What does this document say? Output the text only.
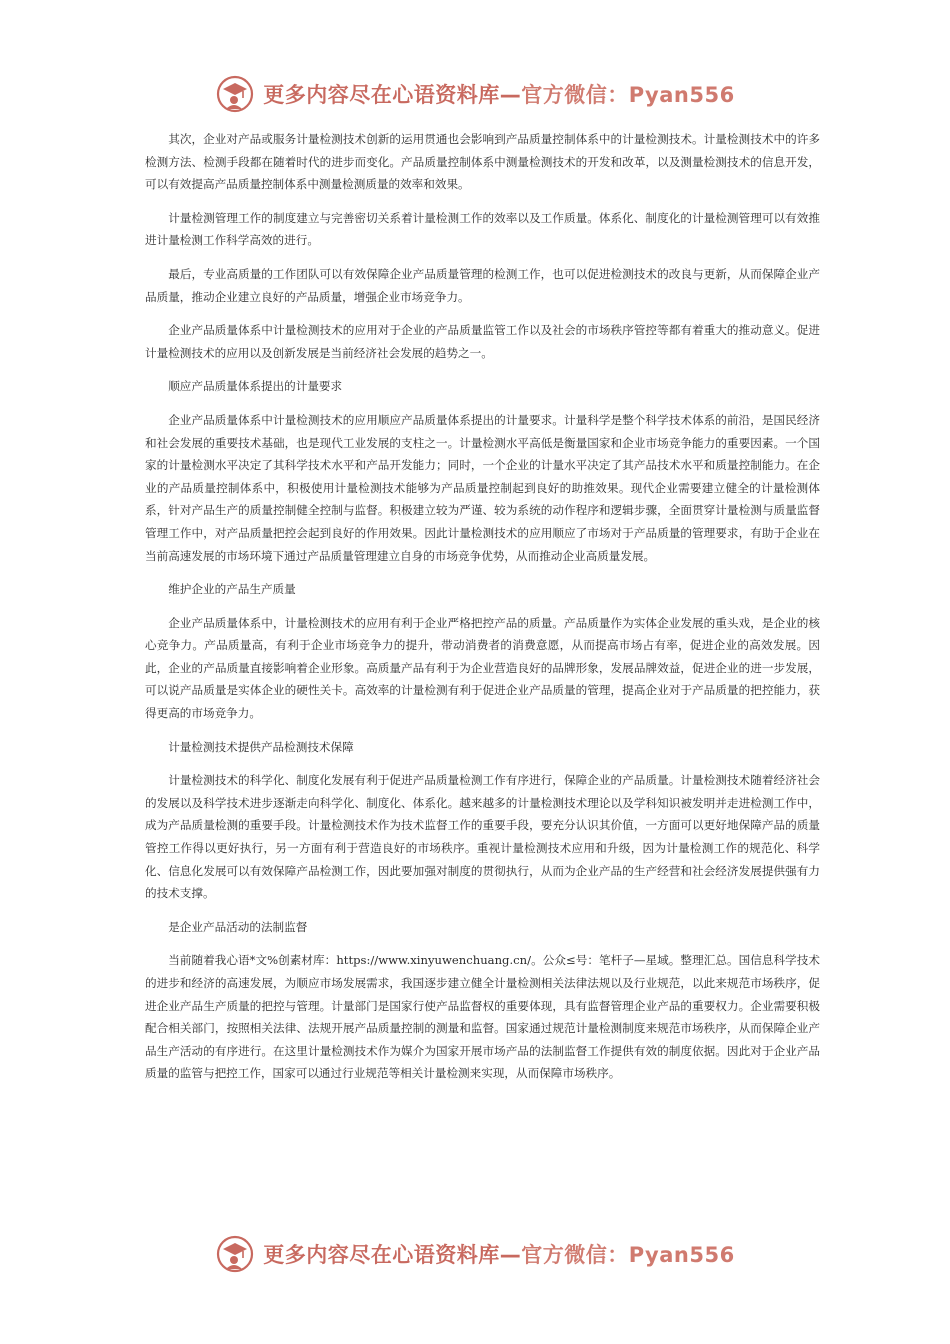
更多内容尽在心语资料库—官方微信：Pyan556

其次，企业对产品或服务计量检测技术创新的运用贯通也会影响到产品质量控制体系中的计量检测技术。计量检测技术中的许多检测方法、检测手段都在随着时代的进步而变化。产品质量控制体系中测量检测技术的开发和改革，以及测量检测技术的信息开发，可以有效提高产品质量控制体系中测量检测质量的效率和效果。

计量检测管理工作的制度建立与完善密切关系着计量检测工作的效率以及工作质量。体系化、制度化的计量检测管理可以有效推进计量检测工作科学高效的进行。

最后，专业高质量的工作团队可以有效保障企业产品质量管理的检测工作，也可以促进检测技术的改良与更新，从而保障企业产品质量，推动企业建立良好的产品质量，增强企业市场竞争力。

企业产品质量体系中计量检测技术的应用对于企业的产品质量监管工作以及社会的市场秩序管控等都有着重大的推动意义。促进计量检测技术的应用以及创新发展是当前经济社会发展的趋势之一。

顺应产品质量体系提出的计量要求

企业产品质量体系中计量检测技术的应用顺应产品质量体系提出的计量要求。计量科学是整个科学技术体系的前沿，是国民经济和社会发展的重要技术基础，也是现代工业发展的支柱之一。计量检测水平高低是衡量国家和企业市场竞争能力的重要因素。一个国家的计量检测水平决定了其科学技术水平和产品开发能力；同时，一个企业的计量水平决定了其产品技术水平和质量控制能力。在企业的产品质量控制体系中，积极使用计量检测技术能够为产品质量控制起到良好的助推效果。现代企业需要建立健全的计量检测体系，针对产品生产的质量控制健全控制与监督。积极建立较为严谨、较为系统的动作程序和逻辑步骤，全面贯穿计量检测与质量监督管理工作中，对产品质量把控会起到良好的作用效果。因此计量检测技术的应用顺应了市场对于产品质量的管理要求，有助于企业在当前高速发展的市场环境下通过产品质量管理建立自身的市场竞争优势，从而推动企业高质量发展。

维护企业的产品生产质量

企业产品质量体系中，计量检测技术的应用有利于企业严格把控产品的质量。产品质量作为实体企业发展的重头戏，是企业的核心竞争力。产品质量高，有利于企业市场竞争力的提升，带动消费者的消费意愿，从而提高市场占有率，促进企业的高效发展。因此，企业的产品质量直接影响着企业形象。高质量产品有利于为企业营造良好的品牌形象，发展品牌效益，促进企业的进一步发展，可以说产品质量是实体企业的硬性关卡。高效率的计量检测有利于促进企业产品质量的管理，提高企业对于产品质量的把控能力，获得更高的市场竞争力。

计量检测技术提供产品检测技术保障

计量检测技术的科学化、制度化发展有利于促进产品质量检测工作有序进行，保障企业的产品质量。计量检测技术随着经济社会的发展以及科学技术进步逐渐走向科学化、制度化、体系化。越来越多的计量检测技术理论以及学科知识被发明并走进检测工作中，成为产品质量检测的重要手段。计量检测技术作为技术监督工作的重要手段，要充分认识其价值，一方面可以更好地保障产品的质量管控工作得以更好执行，另一方面有利于营造良好的市场秩序。重视计量检测技术应用和升级，因为计量检测工作的规范化、科学化、信息化发展可以有效保障产品检测工作，因此要加强对制度的贯彻执行，从而为企业产品的生产经营和社会经济发展提供强有力的技术支撑。

是企业产品活动的法制监督

当前随着我心语*文%创素材库：https://www.xinyuwenchuang.cn/。公众≤号：笔杆子—星域。整理汇总。国信息科学技术的进步和经济的高速发展，为顺应市场发展需求，我国逐步建立健全计量检测相关法律法规以及行业规范，以此来规范市场秩序，促进企业产品生产质量的把控与管理。计量部门是国家行使产品监督权的重要体现，具有监督管理企业产品的重要权力。企业需要积极配合相关部门，按照相关法律、法规开展产品质量控制的测量和监督。国家通过规范计量检测制度来规范市场秩序，从而保障企业产品生产活动的有序进行。在这里计量检测技术作为媒介为国家开展市场产品的法制监督工作提供有效的制度依据。因此对于企业产品质量的监管与把控工作，国家可以通过行业规范等相关计量检测来实现，从而保障市场秩序。

更多内容尽在心语资料库—官方微信：Pyan556
